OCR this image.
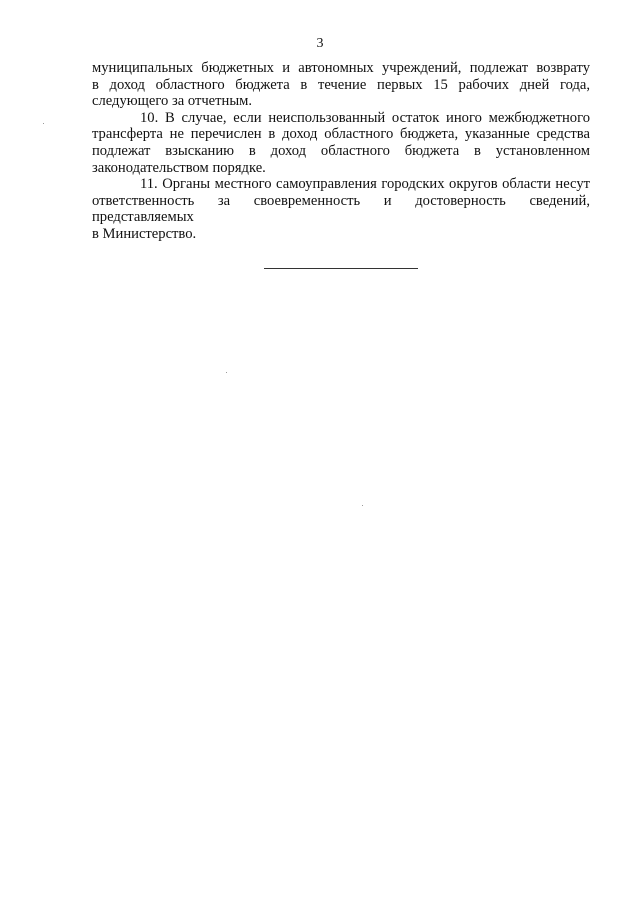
3

муниципальных бюджетных и автономных учреждений, подлежат возврату
в доход областного бюджета в течение первых 15 рабочих дней года,
следующего за отчетным.

10. В случае, если неиспользованный остаток иного межбюджетного
трансферта не перечислен в доход областного бюджета, указанные средства
подлежат взысканию в доход областного бюджета в установленном
законодательством порядке.

11. Органы местного самоуправления городских округов области несут
ответственность за своевременность и достоверность сведений, представляемых
в Министерство.
